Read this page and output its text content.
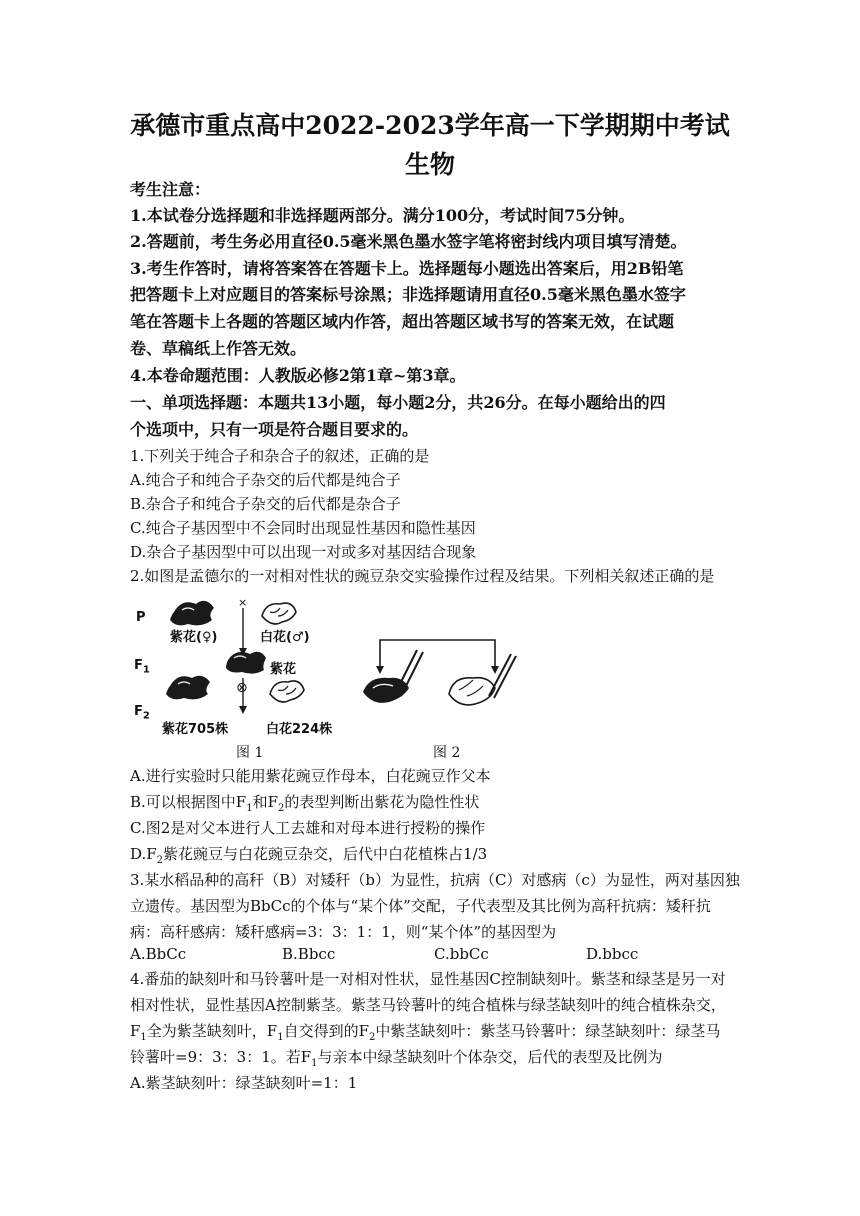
承德市重点高中2022-2023学年高一下学期期中考试
生物
考生注意：
1.本试卷分选择题和非选择题两部分。满分100分，考试时间75分钟。
2.答题前，考生务必用直径0.5毫米黑色墨水签字笔将密封线内项目填写清楚。
3.考生作答时，请将答案答在答题卡上。选择题每小题选出答案后，用2B铅笔
把答题卡上对应题目的答案标号涂黑；非选择题请用直径0.5毫米黑色墨水签字
笔在答题卡上各题的答题区域内作答，超出答题区域书写的答案无效，在试题
卷、草稿纸上作答无效。
4.本卷命题范围：人教版必修2第1章~第3章。
一、单项选择题：本题共13小题，每小题2分，共26分。在每小题给出的四
个选项中，只有一项是符合题目要求的。
1.下列关于纯合子和杂合子的叙述，正确的是
A.纯合子和纯合子杂交的后代都是纯合子
B.杂合子和纯合子杂交的后代都是杂合子
C.纯合子基因型中不会同时出现显性基因和隐性基因
D.杂合子基因型中可以出现一对或多对基因结合现象
2.如图是孟德尔的一对相对性状的豌豆杂交实验操作过程及结果。下列相关叙述正确的是
P
×
紫花(♀)	白花(♂)
$F_1$	紫花
⊗
$F_2$
紫花705株	白花224株
图 1	图 2
A.进行实验时只能用紫花豌豆作母本，白花豌豆作父本
B.可以根据图中$F_1$和$F_2$的表型判断出紫花为隐性性状
C.图2是对父本进行人工去雄和对母本进行授粉的操作
$D.F_2$紫花豌豆与白花豌豆杂交，后代中白花植株占1/3
3.某水稻品种的高秆（B）对矮秆（b）为显性，抗病（C）对感病（c）为显性，两对基因独
立遗传。基因型为BbCc的个体与“某个体”交配，子代表型及其比例为高秆抗病：矮秆抗
病：高秆感病：矮秆感病=3：3：1：1，则“某个体”的基因型为
A.BbCc	B.Bbcc	C.bbCc	D.bbcc
4.番茄的缺刻叶和马铃薯叶是一对相对性状，显性基因C控制缺刻叶。紫茎和绿茎是另一对
相对性状，显性基因A控制紫茎。紫茎马铃薯叶的纯合植株与绿茎缺刻叶的纯合植株杂交，
$F_1$全为紫茎缺刻叶，$F_1$自交得到的$F_2$中紫茎缺刻叶：紫茎马铃薯叶：绿茎缺刻叶：绿茎马
铃薯叶=9：3：3：1。若$F_1$与亲本中绿茎缺刻叶个体杂交，后代的表型及比例为
A.紫茎缺刻叶：绿茎缺刻叶=1：1
